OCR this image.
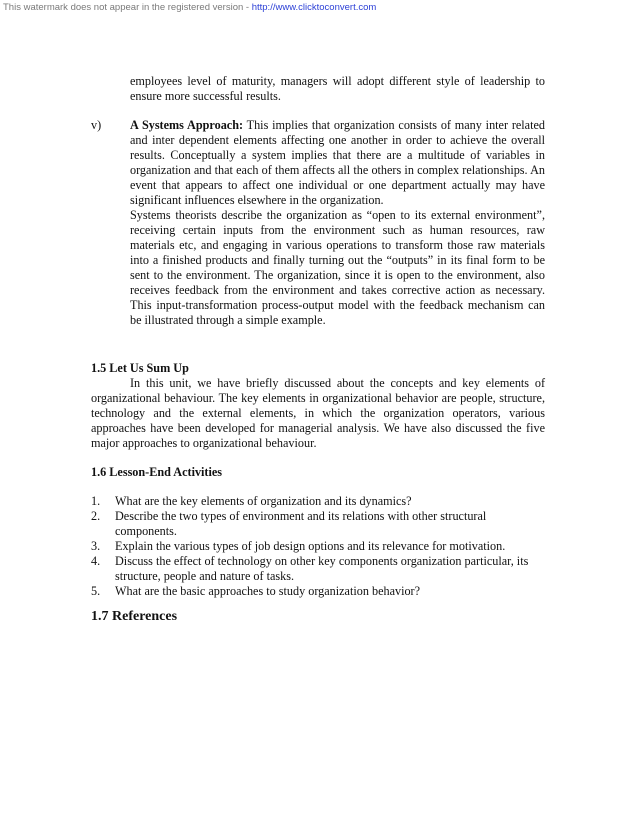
This watermark does not appear in the registered version - http://www.clicktoconvert.com
employees level of maturity, managers will adopt different style of leadership to ensure more successful results.
v) A Systems Approach: This implies that organization consists of many inter related and inter dependent elements affecting one another in order to achieve the overall results. Conceptually a system implies that there are a multitude of variables in organization and that each of them affects all the others in complex relationships. An event that appears to affect one individual or one department actually may have significant influences elsewhere in the organization.

Systems theorists describe the organization as “open to its external environment”, receiving certain inputs from the environment such as human resources, raw materials etc, and engaging in various operations to transform those raw materials into a finished products and finally turning out the “outputs” in its final form to be sent to the environment. The organization, since it is open to the environment, also receives feedback from the environment and takes corrective action as necessary. This input-transformation process-output model with the feedback mechanism can be illustrated through a simple example.

1.5 Let Us Sum Up
In this unit, we have briefly discussed about the concepts and key elements of organizational behaviour. The key elements in organizational behavior are people, structure, technology and the external elements, in which the organization operators, various approaches have been developed for managerial analysis. We have also discussed the five major approaches to organizational behaviour.
1.6 Lesson-End Activities
1. What are the key elements of organization and its dynamics?
2. Describe the two types of environment and its relations with other structural components.
3. Explain the various types of job design options and its relevance for motivation.
4. Discuss the effect of technology on other key components organization particular, its structure, people and nature of tasks.
5. What are the basic approaches to study organization behavior?
1.7 References
